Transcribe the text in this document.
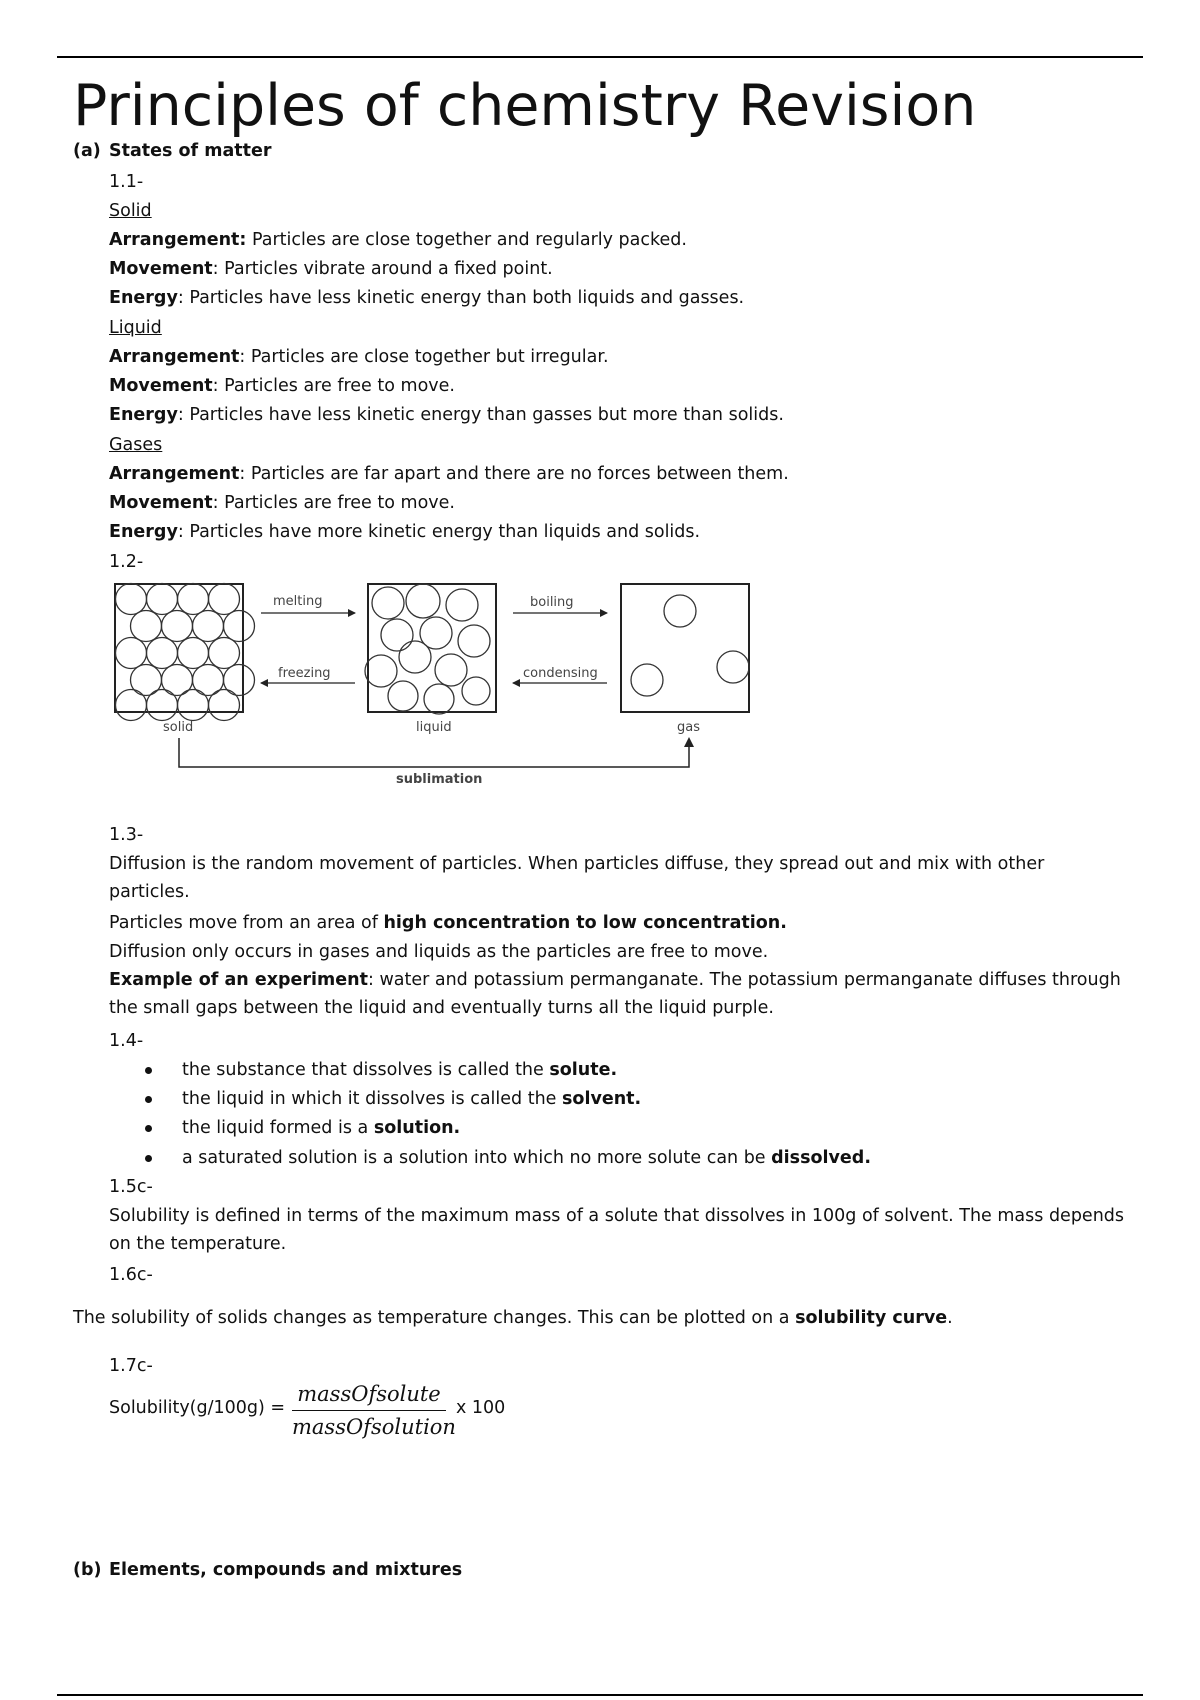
Principles of chemistry Revision
(a) States of matter
1.1-
Solid
Arrangement: Particles are close together and regularly packed.
Movement: Particles vibrate around a fixed point.
Energy: Particles have less kinetic energy than both liquids and gasses.
Liquid
Arrangement: Particles are close together but irregular.
Movement: Particles are free to move.
Energy: Particles have less kinetic energy than gasses but more than solids.
Gases
Arrangement: Particles are far apart and there are no forces between them.
Movement: Particles are free to move.
Energy: Particles have more kinetic energy than liquids and solids.
1.2-
1.3-
Diffusion is the random movement of particles. When particles diffuse, they spread out and mix with other particles.
Particles move from an area of high concentration to low concentration.
Diffusion only occurs in gases and liquids as the particles are free to move.
Example of an experiment: water and potassium permanganate. The potassium permanganate diffuses through the small gaps between the liquid and eventually turns all the liquid purple.
1.4-
the substance that dissolves is called the solute.
the liquid in which it dissolves is called the solvent.
the liquid formed is a solution.
a saturated solution is a solution into which no more solute can be dissolved.
1.5c-
Solubility is defined in terms of the maximum mass of a solute that dissolves in 100g of solvent. The mass depends on the temperature.
1.6c-
1.7c-
The solubility of solids changes as temperature changes. This can be plotted on a solubility curve.
Solubility(g/100g) =
massOfsolute
massOfsolution
x 100
melting
freezing
boiling
condensing
solid	liquid	gas
sublimation
(b) Elements, compounds and mixtures
